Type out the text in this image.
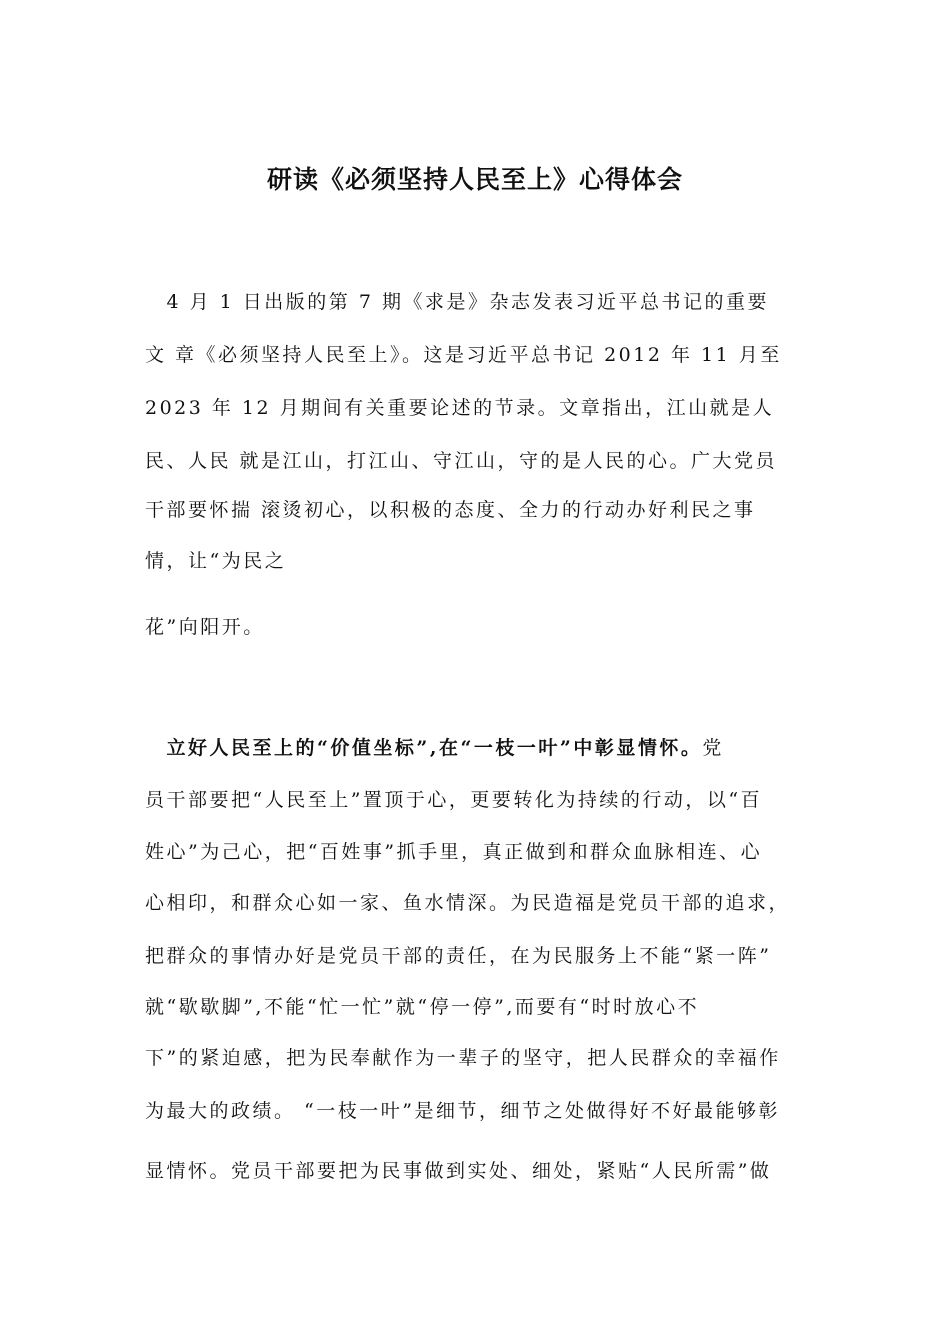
研读《必须坚持人民至上》心得体会
　4 月 1 日出版的第 7 期《求是》杂志发表习近平总书记的重要
文 章《必须坚持人民至上》。这是习近平总书记 2012 年 11 月至
2023 年 12 月期间有关重要论述的节录。文章指出，江山就是人
民、人民 就是江山，打江山、守江山，守的是人民的心。广大党员
干部要怀揣 滚烫初心，以积极的态度、全力的行动办好利民之事
情，让“为民之
花”向阳开。
　立好人民至上的“价值坐标”,在“一枝一叶”中彰显情怀。党
员干部要把“人民至上”置顶于心，更要转化为持续的行动，以“百
姓心”为己心，把“百姓事”抓手里，真正做到和群众血脉相连、心
心相印，和群众心如一家、鱼水情深。为民造福是党员干部的追求，
把群众的事情办好是党员干部的责任，在为民服务上不能“紧一阵”
就“歇歇脚”,不能“忙一忙”就“停一停”,而要有“时时放心不
下”的紧迫感，把为民奉献作为一辈子的坚守，把人民群众的幸福作
为最大的政绩。 “一枝一叶”是细节，细节之处做得好不好最能够彰
显情怀。党员干部要把为民事做到实处、细处，紧贴“人民所需”做
